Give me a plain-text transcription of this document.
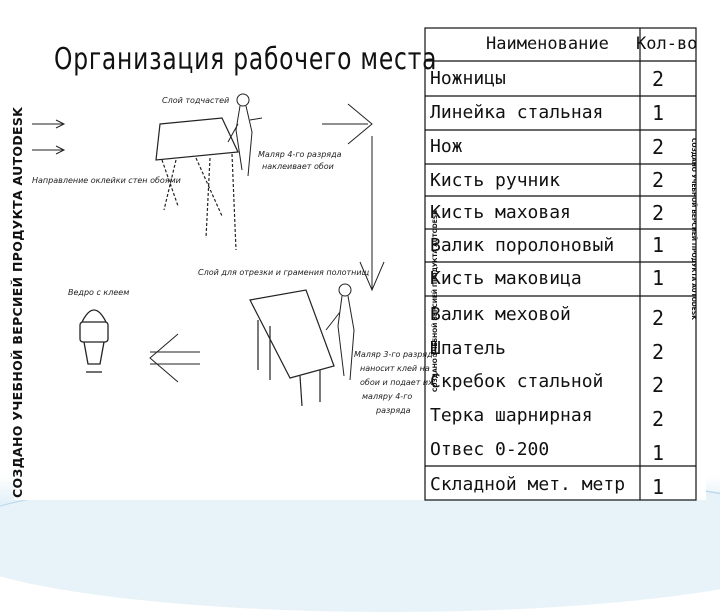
СОЗДАНО УЧЕБНОЙ ВЕРСИЕЙ ПРОДУКТА AUTODESK	СОЗДАНО УЧЕБНОЙ ВЕРСИЕЙ ПРОДУКТА AUTODESK	СОЗДАНО УЧЕБНОЙ ВЕРСИЕЙ ПРОДУКТА AUTODESK
Организация рабочего места
Слой тодчастей
Маляр 4-го разряда
наклеивает обои
Направление оклейки стен обоями
Слой для отрезки и грамения полотнищ
Ведро с клеем
Маляр 3-го разряда
наносит клей на
обои и подает их
маляру 4-го
разряда
Наименование Кол-во
Ножницы	2
Линейка стальная 1
Нож	2
Кисть ручник	2
Кисть маховая	2
Валик поролоновый 1
Кисть маковица	1
Валик меховой	2
Шпатель	2
Скребок стальной 2
Терка шарнирная	2
Отвес 0-200	1
Складной мет. метр 1
